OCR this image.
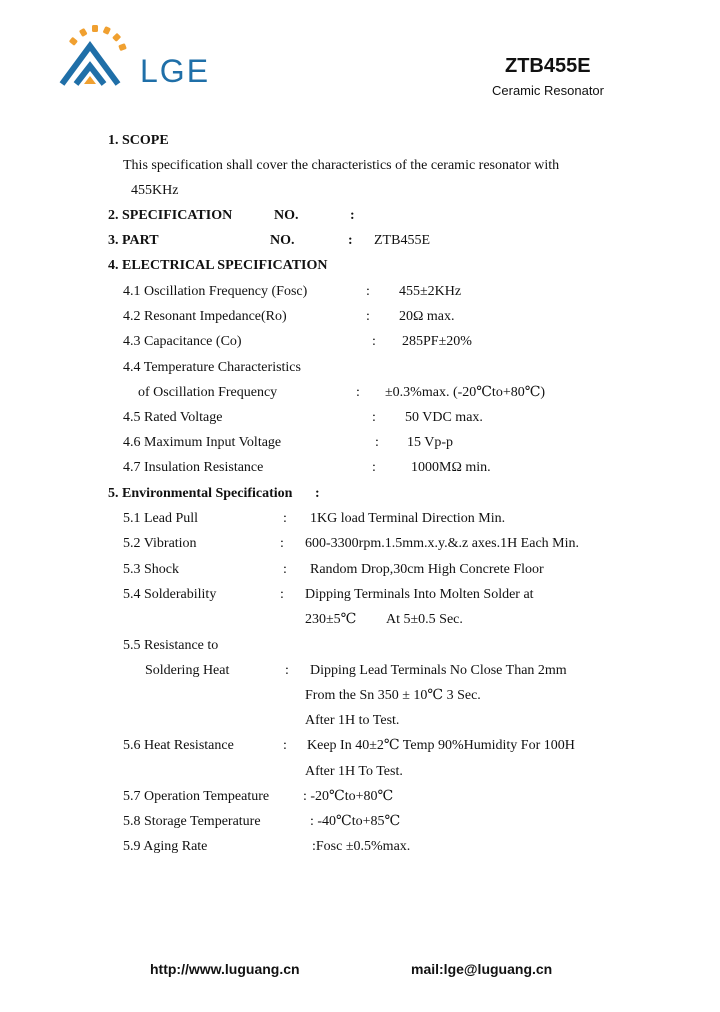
LGE	ZTB455E
Ceramic Resonator
1. SCOPE
This specification shall cover the characteristics of the ceramic resonator with
455KHz
2. SPECIFICATION	NO.	:
3. PART	NO.	: ZTB455E
4. ELECTRICAL SPECIFICATION
4.1 Oscillation Frequency (Fosc)	: 455±2KHz
4.2 Resonant Impedance(Ro)	: 20Ω max.
4.3 Capacitance (Co)	: 285PF±20%
4.4 Temperature Characteristics
of Oscillation Frequency	: ±0.3%max. (-20℃to+80℃)
4.5 Rated Voltage	: 50 VDC max.
4.6 Maximum Input Voltage	: 15 Vp-p
4.7 Insulation Resistance	:	1000MΩ min.
5. Environmental Specification :
5.1 Lead Pull	: 1KG load Terminal Direction Min.
5.2 Vibration	: 600-3300rpm.1.5mm.x.y.&.z axes.1H Each Min.
5.3 Shock	: Random Drop,30cm High Concrete Floor
5.4 Solderability	: Dipping Terminals Into Molten Solder at
230±5℃ At 5±0.5 Sec.
5.5 Resistance to
Soldering Heat	: Dipping Lead Terminals No Close Than 2mm
From the Sn 350 ± 10℃ 3 Sec.
After 1H to Test.
5.6 Heat Resistance	: Keep In 40±2℃ Temp 90%Humidity For 100H
After 1H To Test.
5.7 Operation Tempeature : -20℃to+80℃
5.8 Storage Temperature	: -40℃to+85℃
5.9 Aging Rate	:Fosc ±0.5%max.
http://www.luguang.cn	mail:lge@luguang.cn
